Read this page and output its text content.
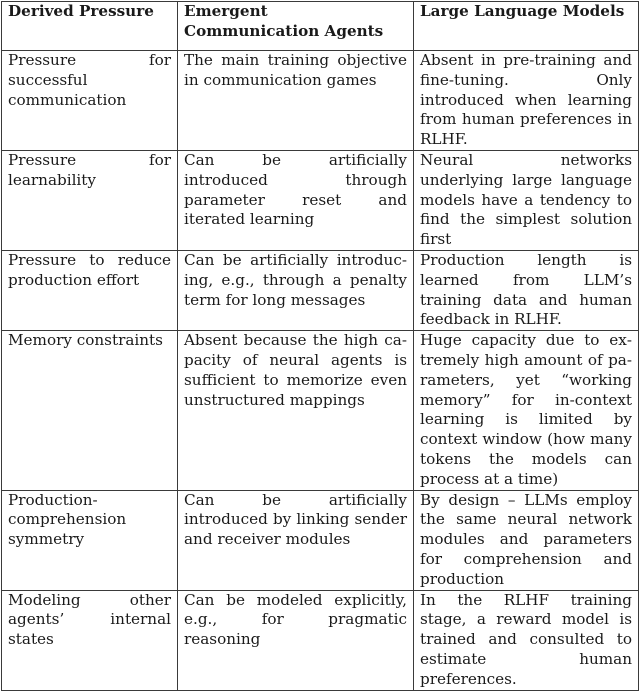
Derived Pressure	Emergent Communication Agents	Large Language Models
Pressure for successful communication	The main training objective in communication games	Absent in pre-training and fine-tuning. Only introduced when learning from human preferences in RLHF.
Pressure for learnability	Can be artificially introduced through parameter reset and iterated learning	Neural networks underlying large language models have a tendency to find the simplest solution first
Pressure to reduce production effort	Can be artificially introducing, e.g., through a penalty term for long messages	Production length is learned from LLM’s training data and human feedback in RLHF.
Memory constraints	Absent because the high capacity of neural agents is sufficient to memorize even unstructured mappings	Huge capacity due to extremely high amount of parameters, yet “working memory” for in-context learning is limited by context window (how many tokens the models can process at a time)
Production-comprehension symmetry	Can be artificially introduced by linking sender and receiver modules	By design – LLMs employ the same neural network modules and parameters for comprehension and production
Modeling other agents’ internal states	Can be modeled explicitly, e.g., for pragmatic reasoning	In the RLHF training stage, a reward model is trained and consulted to estimate human preferences.
